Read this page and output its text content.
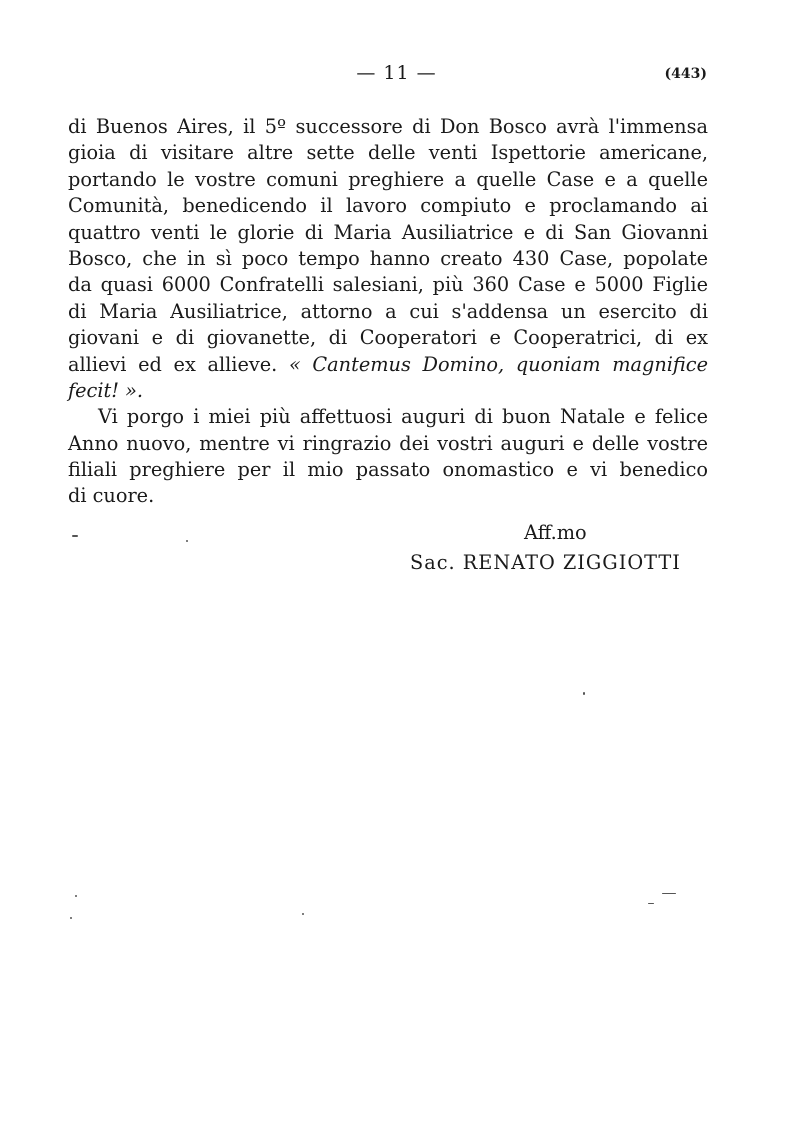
— 11 —	(443)

di Buenos Aires, il 5º successore di Don Bosco avrà l'immensa
gioia di visitare altre sette delle venti Ispettorie americane,
portando le vostre comuni preghiere a quelle Case e a quelle
Comunità, benedicendo il lavoro compiuto e proclamando ai
quattro venti le glorie di Maria Ausiliatrice e di San Giovanni
Bosco, che in sì poco tempo hanno creato 430 Case, popolate
da quasi 6000 Confratelli salesiani, più 360 Case e 5000 Figlie
di Maria Ausiliatrice, attorno a cui s'addensa un esercito di
giovani e di giovanette, di Cooperatori e Cooperatrici, di ex
allievi ed ex allieve. « Cantemus Domino, quoniam magnifice
fecit! ».

Vi porgo i miei più affettuosi auguri di buon Natale e felice
Anno nuovo, mentre vi ringrazio dei vostri auguri e delle vostre
filiali preghiere per il mio passato onomastico e vi benedico
di cuore.

Aff.mo
Sac. RENATO ZIGGIOTTI
